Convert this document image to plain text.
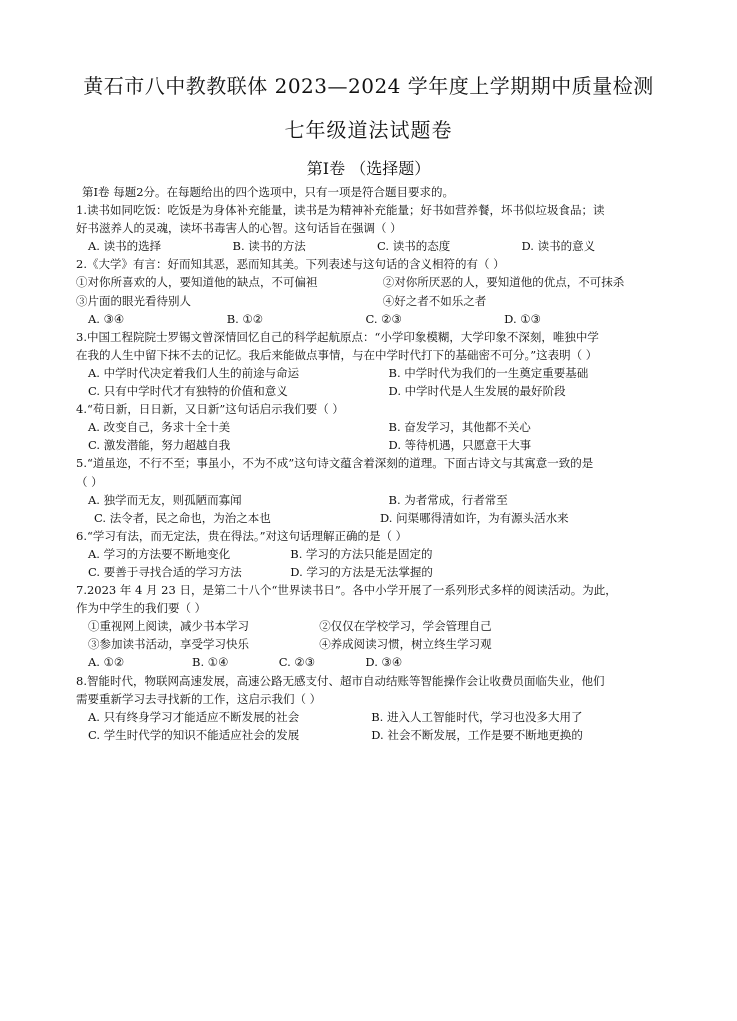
黄石市八中教教联体 2023—2024 学年度上学期期中质量检测
七年级道法试题卷
第Ⅰ卷 （选择题）
第Ⅰ卷 每题2分。在每题给出的四个选项中，只有一项是符合题目要求的。
1.读书如同吃饭：吃饭是为身体补充能量，读书是为精神补充能量；好书如营养餐，坏书似垃圾食品；读
好书滋养人的灵魂，读坏书毒害人的心智。这句话旨在强调（ ）
A. 读书的选择	B. 读书的方法	C. 读书的态度	D. 读书的意义
2.《大学》有言：好而知其恶，恶而知其美。下列表述与这句话的含义相符的有（ ）
①对你所喜欢的人，要知道他的缺点，不可偏袒	②对你所厌恶的人，要知道他的优点，不可抹杀
③片面的眼光看待别人	④好之者不如乐之者
A. ③④	B. ①②	C. ②③	D. ①③
3.中国工程院院士罗锡文曾深情回忆自己的科学起航原点：“小学印象模糊，大学印象不深刻，唯独中学
在我的人生中留下抹不去的记忆。我后来能做点事情，与在中学时代打下的基础密不可分。”这表明（ ）
A. 中学时代决定着我们人生的前途与命运	B. 中学时代为我们的一生奠定重要基础
C. 只有中学时代才有独特的价值和意义	D. 中学时代是人生发展的最好阶段
4.“苟日新，日日新，又日新”这句话启示我们要（ ）
A. 改变自己，务求十全十美	B. 奋发学习，其他都不关心
C. 激发潜能，努力超越自我	D. 等待机遇，只愿意干大事
5.“道虽迩，不行不至；事虽小，不为不成”这句诗文蕴含着深刻的道理。下面古诗文与其寓意一致的是
（ ）
A. 独学而无友，则孤陋而寡闻	B. 为者常成，行者常至
C. 法令者，民之命也，为治之本也	D. 问渠哪得清如许，为有源头活水来
6.“学习有法，而无定法，贵在得法。”对这句话理解正确的是（ ）
A. 学习的方法要不断地变化	B. 学习的方法只能是固定的
C. 要善于寻找合适的学习方法	D. 学习的方法是无法掌握的
7.2023 年 4 月 23 日，是第二十八个“世界读书日”。各中小学开展了一系列形式多样的阅读活动。为此，
作为中学生的我们要（ ）
①重视网上阅读，减少书本学习	②仅仅在学校学习，学会管理自己
③参加读书活动，享受学习快乐	④养成阅读习惯，树立终生学习观
A. ①②	B. ①④	C. ②③	D. ③④
8.智能时代，物联网高速发展，高速公路无感支付、超市自动结账等智能操作会让收费员面临失业，他们
需要重新学习去寻找新的工作，这启示我们（ ）
A. 只有终身学习才能适应不断发展的社会	B. 进入人工智能时代，学习也没多大用了
C. 学生时代学的知识不能适应社会的发展	D. 社会不断发展，工作是要不断地更换的
